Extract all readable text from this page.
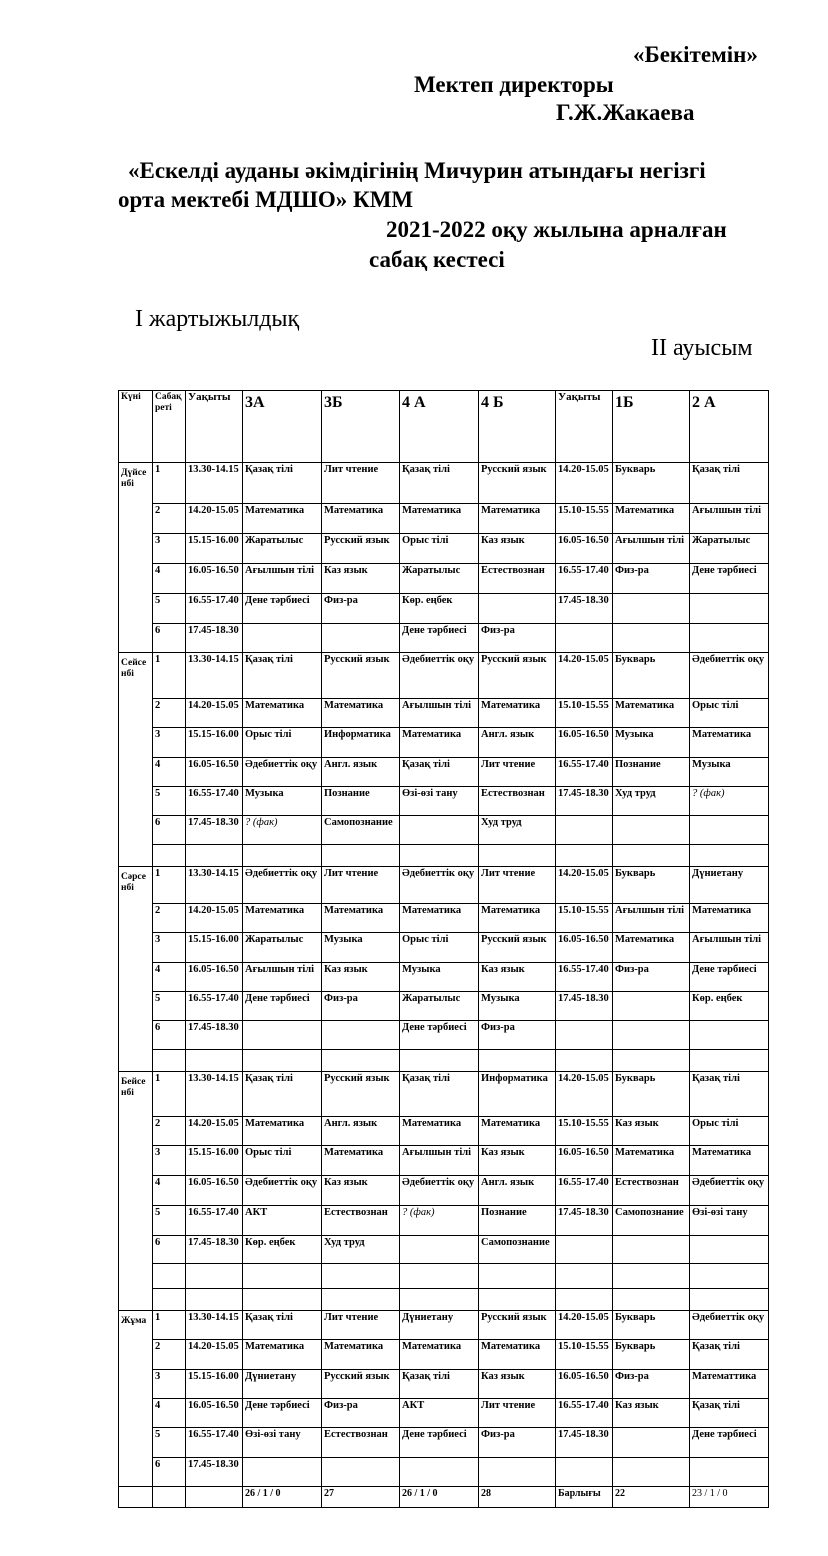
«Бекітемін»
Мектеп директоры
Г.Ж.Жакаева
«Ескелді ауданы әкімдігінің Мичурин атындағы негізгі
орта мектебі МДШО» КММ
2021-2022 оқу жылына арналған
сабақ кестесі
І жартыжылдық
ІІ ауысым
Күні	Сабақ реті	Уақыты	3А	3Б	4 А	4 Б	Уақыты	1Б	2 А
Дүйсенбі	1	13.30-14.15	Қазақ тілі	Лит чтение	Қазақ тілі	Русский язык	14.20-15.05	Букварь	Қазақ тілі
	2	14.20-15.05	Математика	Математика	Математика	Математика	15.10-15.55	Математика	Ағылшын тілі
	3	15.15-16.00	Жаратылыс	Русский язык	Орыс тілі	Каз язык	16.05-16.50	Ағылшын тілі	Жаратылыс
	4	16.05-16.50	Ағылшын тілі	Каз язык	Жаратылыс	Естествознан	16.55-17.40	Физ-ра	Дене тәрбиесі
	5	16.55-17.40	Дене тәрбиесі	Физ-ра	Көр. еңбек		17.45-18.30		
	6	17.45-18.30			Дене тәрбиесі	Физ-ра			
Сейсенбі	1	13.30-14.15	Қазақ тілі	Русский язык	Әдебиеттік оқу	Русский язык	14.20-15.05	Букварь	Әдебиеттік оқу
	2	14.20-15.05	Математика	Математика	Ағылшын тілі	Математика	15.10-15.55	Математика	Орыс тілі
	3	15.15-16.00	Орыс тілі	Информатика	Математика	Англ. язык	16.05-16.50	Музыка	Математика
	4	16.05-16.50	Әдебиеттік оқу	Англ. язык	Қазақ тілі	Лит чтение	16.55-17.40	Познание	Музыка
	5	16.55-17.40	Музыка	Познание	Өзі-өзі тану	Естествознан	17.45-18.30	Худ труд	? (фак)
	6	17.45-18.30	? (фак)	Самопознание		Худ труд			

Сәрсенбі	1	13.30-14.15	Әдебиеттік оқу	Лит чтение	Әдебиеттік оқу	Лит чтение	14.20-15.05	Букварь	Дүниетану
	2	14.20-15.05	Математика	Математика	Математика	Математика	15.10-15.55	Ағылшын тілі	Математика
	3	15.15-16.00	Жаратылыс	Музыка	Орыс тілі	Русский язык	16.05-16.50	Математика	Ағылшын тілі
	4	16.05-16.50	Ағылшын тілі	Каз язык	Музыка	Каз язык	16.55-17.40	Физ-ра	Дене тәрбиесі
	5	16.55-17.40	Дене тәрбиесі	Физ-ра	Жаратылыс	Музыка	17.45-18.30		Көр. еңбек
	6	17.45-18.30			Дене тәрбиесі	Физ-ра			

Бейсенбі	1	13.30-14.15	Қазақ тілі	Русский язык	Қазақ тілі	Информатика	14.20-15.05	Букварь	Қазақ тілі
	2	14.20-15.05	Математика	Англ. язык	Математика	Математика	15.10-15.55	Каз язык	Орыс тілі
	3	15.15-16.00	Орыс тілі	Математика	Ағылшын тілі	Каз язык	16.05-16.50	Математика	Математика
	4	16.05-16.50	Әдебиеттік оқу	Каз язык	Әдебиеттік оқу	Англ. язык	16.55-17.40	Естествознан	Әдебиеттік оқу
	5	16.55-17.40	АКТ	Естествознан	? (фак)	Познание	17.45-18.30	Самопознание	Өзі-өзі тану
	6	17.45-18.30	Көр. еңбек	Худ труд		Самопознание			

Жұма	1	13.30-14.15	Қазақ тілі	Лит чтение	Дүниетану	Русский язык	14.20-15.05	Букварь	Әдебиеттік оқу
	2	14.20-15.05	Математика	Математика	Математика	Математика	15.10-15.55	Букварь	Қазақ тілі
	3	15.15-16.00	Дүниетану	Русский язык	Қазақ тілі	Каз язык	16.05-16.50	Физ-ра	Математтика
	4	16.05-16.50	Дене тәрбиесі	Физ-ра	АКТ	Лит чтение	16.55-17.40	Каз язык	Қазақ тілі
	5	16.55-17.40	Өзі-өзі тану	Естествознан	Дене тәрбиесі	Физ-ра	17.45-18.30		Дене тәрбиесі
	6	17.45-18.30							
			26 / 1 / 0	27	26 / 1 / 0	28	Барлығы	22	23 / 1 / 0
